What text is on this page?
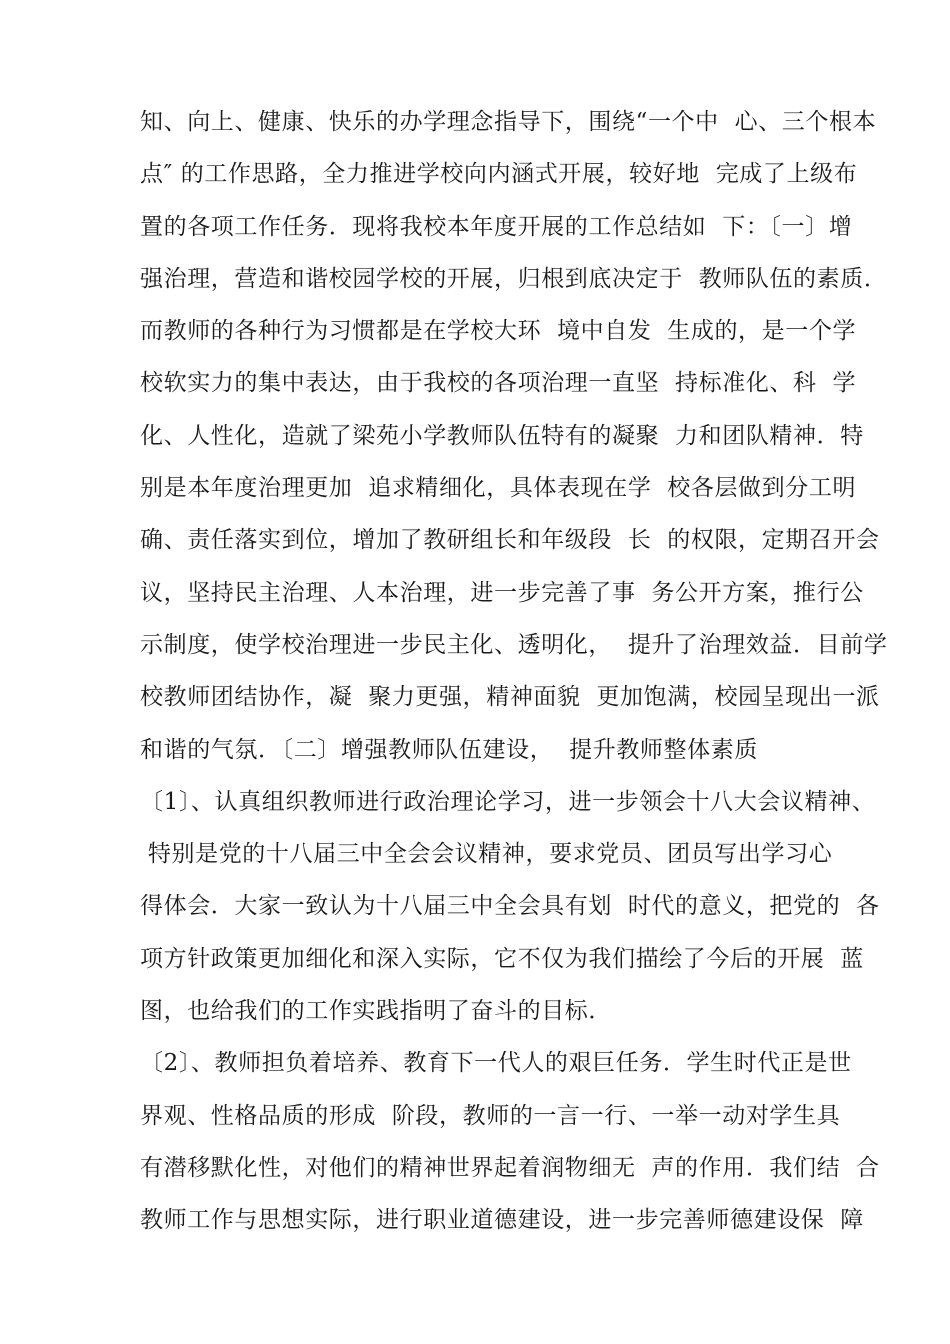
知、向上、健康、快乐的办学理念指导下，围绕“一个中  心、三个根本
点″ 的工作思路，全力推进学校向内涵式开展，较好地  完成了上级布
置的各项工作任务．现将我校本年度开展的工作总结如  下：〔一〕增
强治理，营造和谐校园学校的开展，归根到底决定于  教师队伍的素质．
而教师的各种行为习惯都是在学校大环  境中自发  生成的，是一个学
校软实力的集中表达，由于我校的各项治理一直坚  持标准化、科  学
化、人性化，造就了梁苑小学教师队伍特有的凝聚  力和团队精神．特
别是本年度治理更加  追求精细化，具体表现在学  校各层做到分工明
确、责任落实到位，增加了教研组长和年级段  长  的权限，定期召开会
议，坚持民主治理、人本治理，进一步完善了事  务公开方案，推行公
示制度，使学校治理进一步民主化、透明化，  提升了治理效益．目前学
校教师团结协作，凝  聚力更强，精神面貌  更加饱满，校园呈现出一派
和谐的气氛．〔二〕增强教师队伍建设，  提升教师整体素质
〔1〕、认真组织教师进行政治理论学习，进一步领会十八大会议精神、
特别是党的十八届三中全会会议精神，要求党员、团员写出学习心
得体会．大家一致认为十八届三中全会具有划  时代的意义，把党的  各
项方针政策更加细化和深入实际，它不仅为我们描绘了今后的开展  蓝
图，也给我们的工作实践指明了奋斗的目标．
〔2〕、教师担负着培养、教育下一代人的艰巨任务．学生时代正是世
界观、性格品质的形成  阶段，教师的一言一行、一举一动对学生具
有潜移默化性，对他们的精神世界起着润物细无  声的作用．我们结  合
教师工作与思想实际，进行职业道德建设，进一步完善师德建设保  障
